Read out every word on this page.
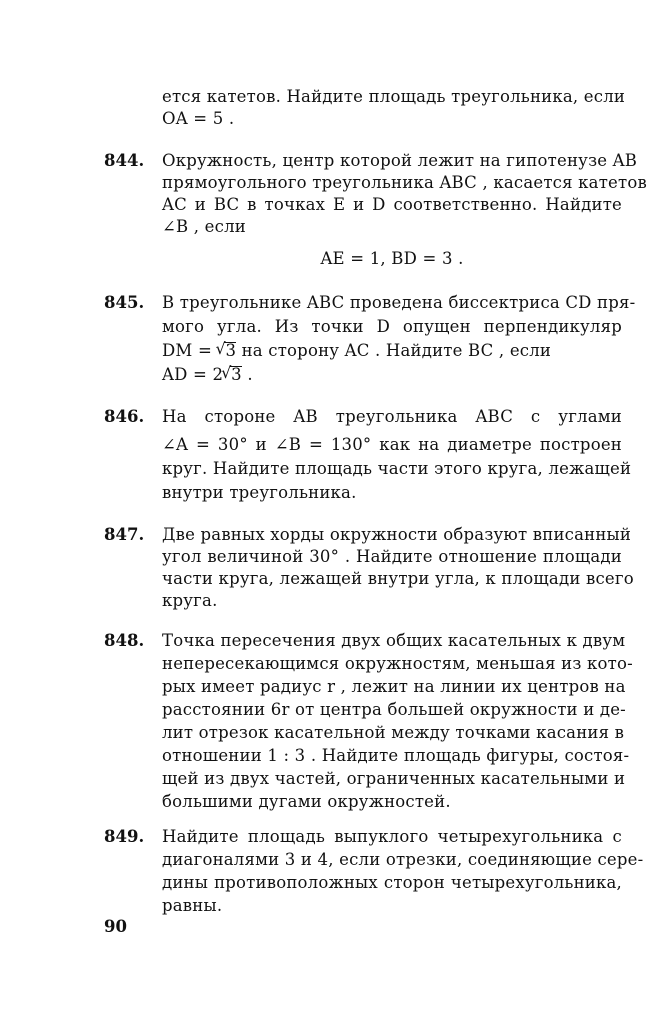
ется катетов. Найдите площадь треугольника, если
OA = 5 .
844. Окружность, центр которой лежит на гипотенузе AB
прямоугольного треугольника ABC , касается катетов
AC и BC в точках E и D соответственно. Найдите
∠B , если
AE = 1, BD = 3 .
845. В треугольнике ABC проведена биссектриса CD пря-
мого угла. Из точки D опущен перпендикуляр
DM = √ 3 на сторону AC . Найдите BC , если
AD = 2 √ 3 .
846. На стороне AB треугольника ABC с углами
∠A = 30° и ∠B = 130° как на диаметре построен
круг. Найдите площадь части этого круга, лежащей
внутри треугольника.
847. Две равных хорды окружности образуют вписанный
угол величиной 30° . Найдите отношение площади
части круга, лежащей внутри угла, к площади всего
круга.
848. Точка пересечения двух общих касательных к двум
непересекающимся окружностям, меньшая из кото-
рых имеет радиус r , лежит на линии их центров на
расстоянии 6r от центра большей окружности и де-
лит отрезок касательной между точками касания в
отношении 1 : 3 . Найдите площадь фигуры, состоя-
щей из двух частей, ограниченных касательными и
большими дугами окружностей.
849. Найдите площадь выпуклого четырехугольника с
диагоналями 3 и 4, если отрезки, соединяющие сере-
дины противоположных сторон четырехугольника,
равны.
90
